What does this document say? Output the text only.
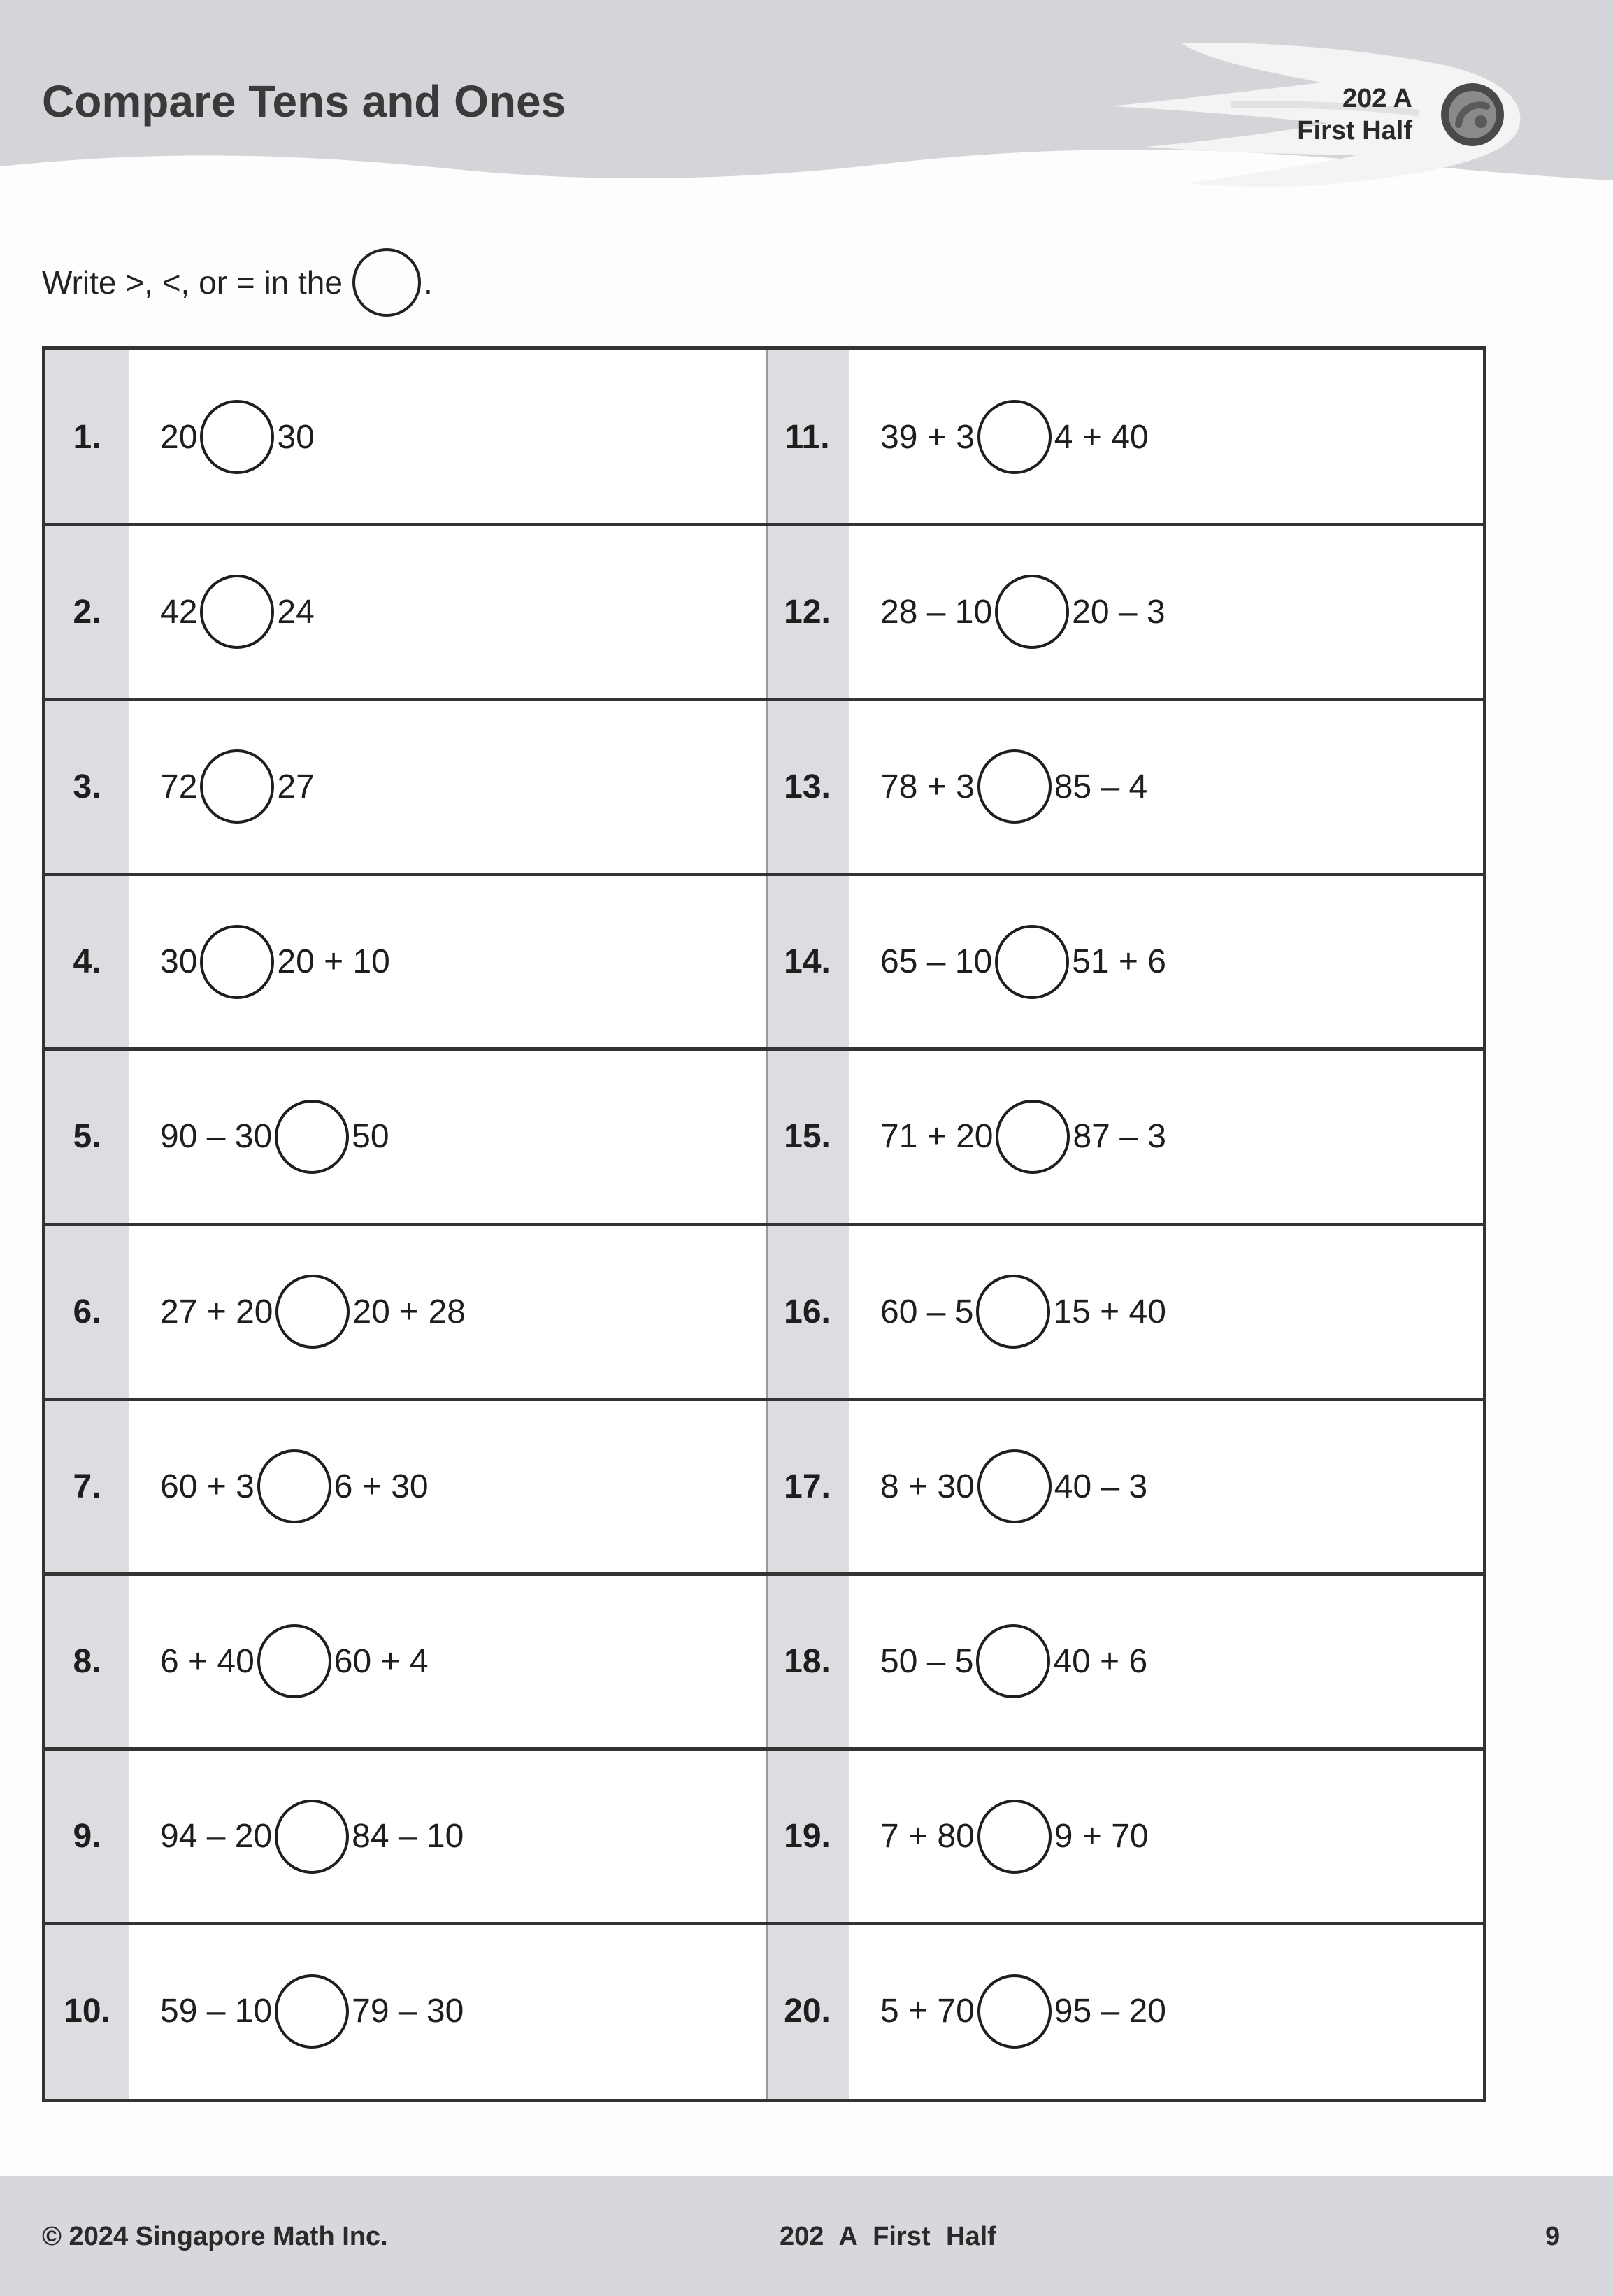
Compare Tens and Ones	202 A
First Half
Write >, <, or = in the	.
1.	20 30
2.	42 24
3.	72 27
4.	30 20 + 10
5.	90 – 30 50
6.	27 + 20 20 + 28
7.	60 + 3 6 + 30
8.	6 + 40 60 + 4
9.	94 – 20 84 – 10
10.	59 – 10 79 – 30
11.	39 + 3 4 + 40
12.	28 – 10 20 – 3
13.	78 + 3 85 – 4
14.	65 – 10 51 + 6
15.	71 + 20 87 – 3
16.	60 – 5 15 + 40
17.	8 + 30 40 – 3
18.	50 – 5 40 + 6
19.	7 + 80 9 + 70
20.	5 + 70 95 – 20
© 2024 Singapore Math Inc.	202 A First Half	9
